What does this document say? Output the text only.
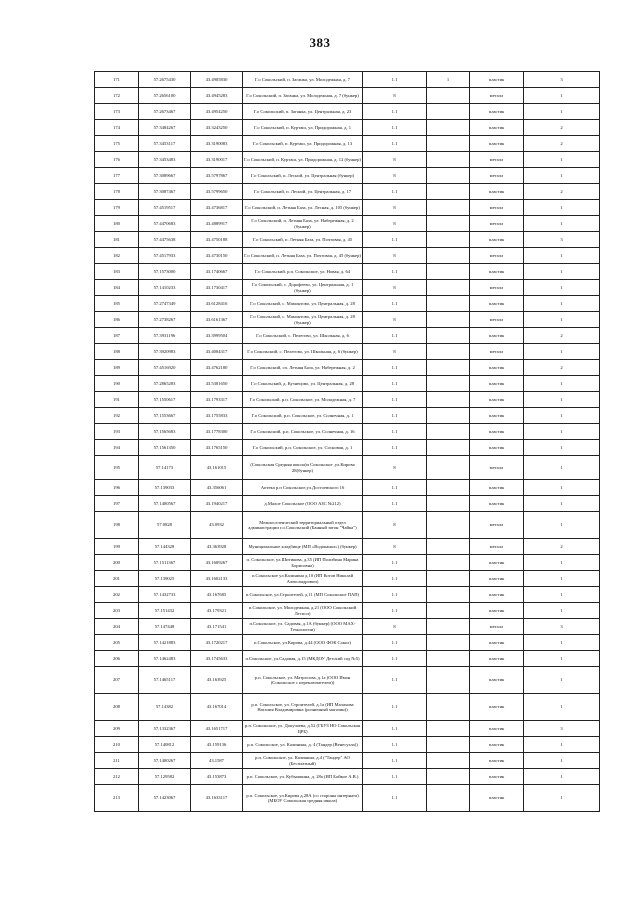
383
171	57.2675430	43.4905830	Г.о Сокольский, п. Заганка, ул. Молодежная, д. 7	1.1	1	пластик	3
172	57.2656100	43.4945283	Г.о Сокольский, п. Заганка, ул. Молодежная, д. 7 (бункер)	8		металл	1
173	57.2673467	43.4954250	Г.о Сокольский, п. Заганка, ул. Центральная, д. 23	1.1		пластик	1
174	57.3484267	43.3243250	Г.о Сокольский, п. Курташ, ул. Придорожная, д. 1	1.1		пластик	2
175	57.3453117	43.3190083	Г.о Сокольский, п. Курташ, ул. Придорожная, д. 13	1.1		пластик	2
176	57.3453483	43.3190017	Г.о Сокольский, п. Курташ, ул. Придорожная, д. 12 (бункер)	8		металл	1
177	57.3089667	43.5797867	Г.о Сокольский, п. Лесной, ул. Центральная (бункер)	8		металл	1
178	57.3087467	43.5799650	Г.о Сокольский, п. Лесной, ул. Центральная, д. 17	1.1		пластик	2
179	57.4519517	43.4736817	Г.о Сокольский, п. Летняя База, ул. Лесная, д. 105 (бункер)	8		металл	1
180	57.4470683	43.4889917	Г.о Сокольский, п. Летняя База, ул. Набережная, д. 2 (бункер)	8		металл	1
181	57.4475638	43.4750188	Г.о Сокольский, п. Летняя База, ул. Почтовая, д. 45	1.1		пластик	3
182	57.4517933	43.4730150	Г.о Сокольский, п. Летняя База, ул. Почтовая, д. 45 (бункер)	8		металл	1
183	57.1573000	43.1740667	Г.о Сокольский, р.п. Сокольское, ул. Новая, д. 64	1.1		пластик	1
184	57.1410233	43.1730417	Г.о Сокольский, с. Дорофеево, ул. Центральная, д. 1 (бункер)	8		металл	1
185	57.2747349	43.6128416	Г.о Сокольский, с. Мамонтово, ул. Центральная, д. 28	1.1		пластик	1
186	57.2738267	43.6161367	Г.о Сокольский, с. Мамонтово, ул. Центральная, д. 28 (бункер)	8		металл	1
187	57.3931196	43.3999504	Г.о Сокольский, с. Пелегово, ул. Школьная, д. 6	1.1		пластик	2
188	57.3920983	43.4004317	Г.о Сокольский, с. Пелегово, ул. Школьная, д. 6 (бункер)	8		металл	1
189	57.4516920	43.4762180	Г.о Сокольский, сп. Летняя База, ул. Набережная, д. 2	1.1		пластик	2
190	57.2865283	43.5301650	Г.о Сокольский, д. Кузнецово, ул. Центральная, д. 28	1.1		пластик	1
191	57.1550617	43.1793317	Г.о Сокольский, р.п. Сокольское, ул. Молодежная, д. 7	1.1		пластик	1
192	57.1553667	43.1755833	Г.о Сокольский, р.п. Сокольское, ул. Солнечная, д. 1	1.1		пластик	1
193	57.1565683	43.1778300	Г.о Сокольский, р.п. Сокольское, ул. Солнечная, д. 16	1.1		пластик	1
194	57.1561350	43.1765150	Г.о Сокольский, р.п. Сокольское, ул. Сосновая, д. 1	1.1		пластик	1
195	57.14173	43.161015	(Сокольская Средняя школа)п Сокольское ,ул.Кирова 28(бункер)	8		металл	1
196	57.139033	43.356061	Аптека р.п Сокольское,ул.Достоевского 16	1.1		пластик	1
197	57.1400567	43.1940217	д.Малое Сокольское (ООО АЗС №212)	1.1		пластик	1
198	57.0828	43.0932	Межпоселенческий территориальный отдел администрации г.о.Сокольский (Банный затон "Чайка")	8		металл	1
199	57.144328	43.363928	Муниципальное кладбище (МП «Водоканал») (бункер)	8		металл	2
200	57.1511367	43.1609267	п. Сокольское, ул.Шитикова, д.35 (ИП Полибина Марина Борисовна)	1.1		пластик	1
201	57.139025	43.1602133	п.Сокольское ул.Калинина д.10 (ИП Котов Николай Александрович)	1.1		пластик	1
202	57.1432733	43.167685	п.Сокольское, ул.Строителей, д.11 (МП Сокольское ПАП)	1.1		пластик	1
203	57.151432	43.179321	п.Сокольское, ул. Молодежная, д.21 (ООО Сокольский Леспол)	1.1		пластик	1
204	57.147448	43.171541	п.Сокольское, ул. Садовая, д.1А (бункер) (ООО МАХ-Технологии)	8		металл	3
205	57.1421883	43.1720217	п.Сокольское, ул.Кирова, д.44 (ООО ФОК Сокол)	1.1		пластик	1
206	57.1462483	43.1745633	п.Сокольское, ул.Садовая, д.15 (МКДОУ Детский сад №5)	1.1		пластик	1
207	57.1465117	43.163925	р.п. Сокольское, ул. Матросова, д.1а (ООО Имон (Сокольское с переключателем))	1.1		пластик	1
208	57.14382	43.167014	р.п. Сокольское, ул. Строителей, д.1а (ИП Малахова Наталия Владимировна (розничный магазин))	1.1		пластик	1
209	57.1332367	43.1651717	р.п. Сокольское, ул. Докучаева, д.52 (ГБУЗ НО Сокольская ЦРБ)	1.1		пластик	3
210	57.140812	43.159136	р.п. Сокольское, ул. Калинина, д. 4 (Тандер (Венесуэла))	1.1		пластик	1
211	57.1400267	43.1587	р.п. Сокольское, ул. Калинина, д.4 ("Тандер" АО (Бесплатный)	1.1		пластик	1
212	57.129582	43.153873	р.п. Сокольское, ул. Кубышкина, д. 28а (ИП Бойкое А.В.)	1.1		пластик	1
213	57.1423067	43.1633117	р.п. Сокольское, ул.Кирова д.28А (со стороны интерната) (МБОУ Сокольская средняя школа)	1.1		пластик	1
